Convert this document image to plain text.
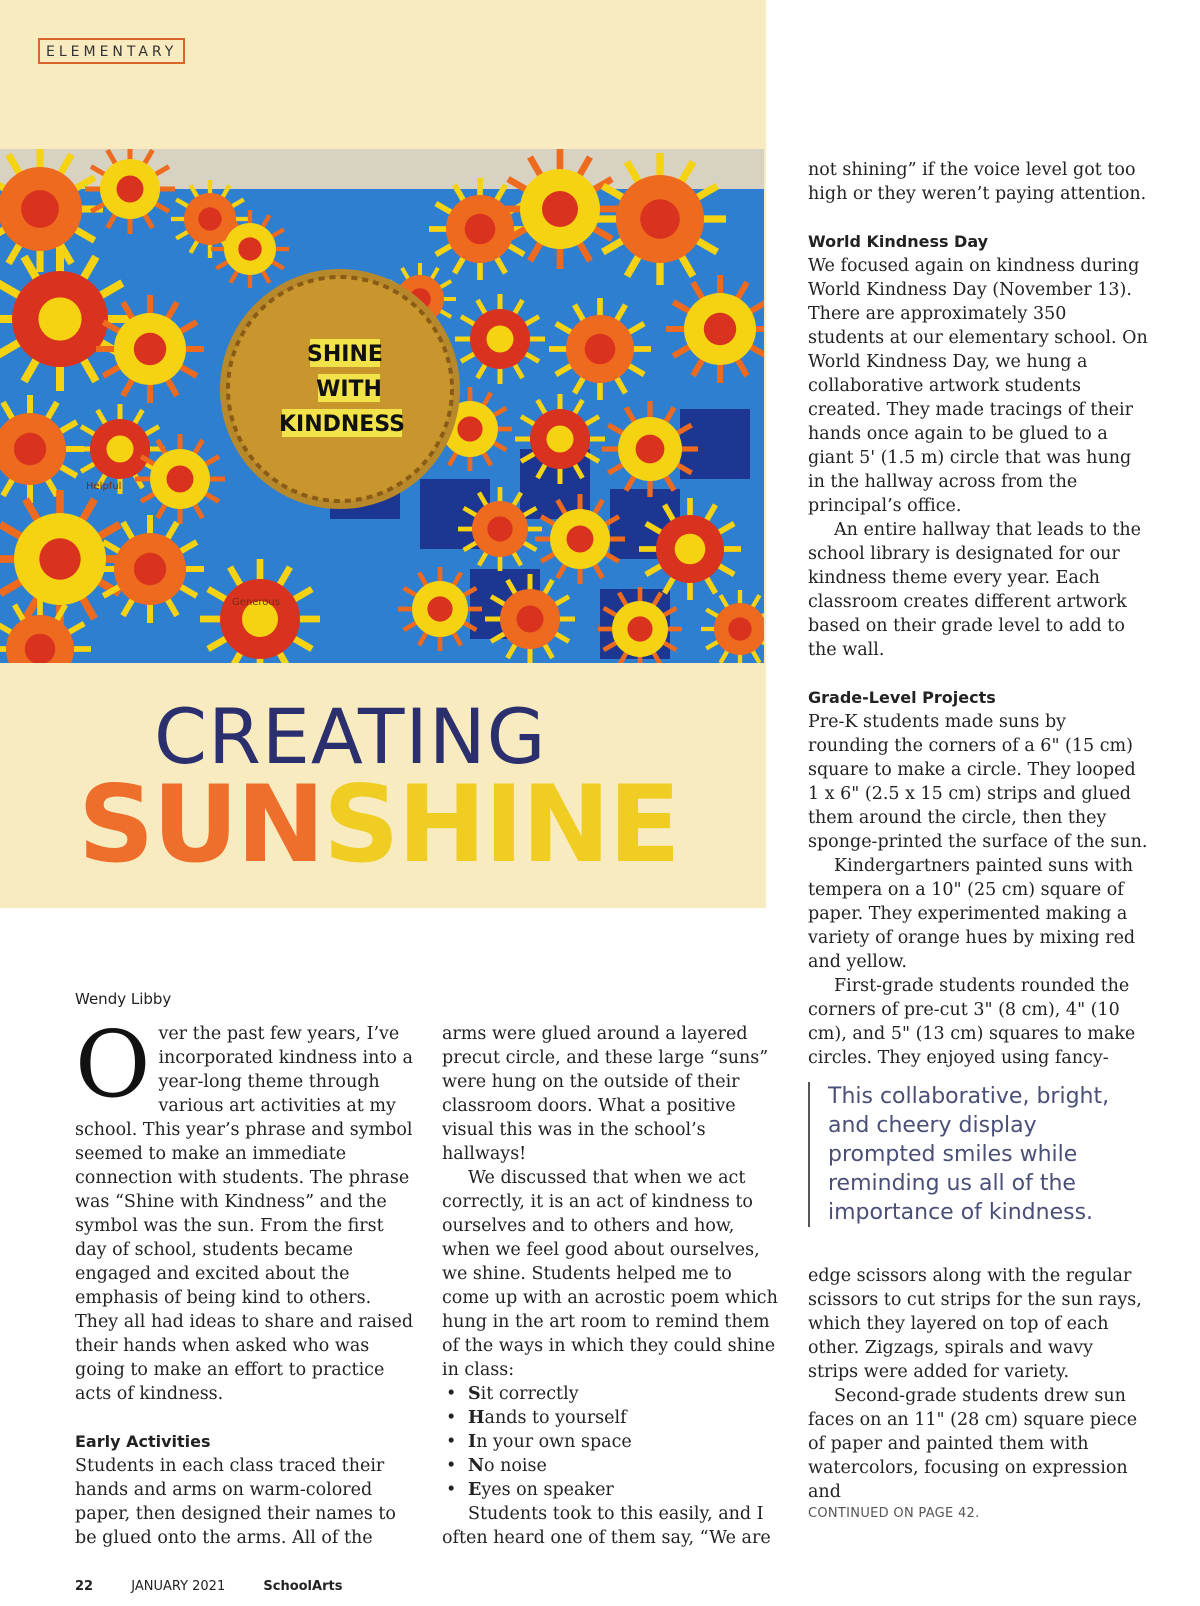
ELEMENTARY
SHINE
WITH
KINDNESS
Helpful
Generous
CREATING
SUNSHINE
Wendy Libby
O ver the past few years, I’ve incorporated kindness into a year-long theme through various art activities at my school. This year’s phrase and symbol seemed to make an immediate connection with students. The phrase was “Shine with Kindness” and the symbol was the sun. From the first day of school, students became engaged and excited about the emphasis of being kind to others. They all had ideas to share and raised their hands when asked who was going to make an effort to practice acts of kindness.

Early Activities

Students in each class traced their hands and arms on warm-colored paper, then designed their names to be glued onto the arms. All of the

arms were glued around a layered precut circle, and these large “suns” were hung on the outside of their classroom doors. What a positive visual this was in the school’s hallways!

We discussed that when we act correctly, it is an act of kindness to ourselves and to others and how, when we feel good about ourselves, we shine. Students helped me to come up with an acrostic poem which hung in the art room to remind them of the ways in which they could shine in class:

• Sit correctly
• Hands to yourself
• In your own space
• No noise
• Eyes on speaker

Students took to this easily, and I often heard one of them say, “We are

not shining” if the voice level got too high or they weren’t paying attention.

World Kindness Day

We focused again on kindness during World Kindness Day (November 13). There are approximately 350 students at our elementary school. On World Kindness Day, we hung a collaborative artwork students created. They made tracings of their hands once again to be glued to a giant 5' (1.5 m) circle that was hung in the hallway across from the principal’s office.

An entire hallway that leads to the school library is designated for our kindness theme every year. Each classroom creates different artwork based on their grade level to add to the wall.

Grade-Level Projects

Pre-K students made suns by rounding the corners of a 6" (15 cm) square to make a circle. They looped 1 x 6" (2.5 x 15 cm) strips and glued them around the circle, then they sponge-printed the surface of the sun.

Kindergartners painted suns with tempera on a 10" (25 cm) square of paper. They experimented making a variety of orange hues by mixing red and yellow.

First-grade students rounded the corners of pre-cut 3" (8 cm), 4" (10 cm), and 5" (13 cm) squares to make circles. They enjoyed using fancy-

This collaborative, bright, and cheery display prompted smiles while reminding us all of the importance of kindness.

edge scissors along with the regular scissors to cut strips for the sun rays, which they layered on top of each other. Zigzags, spirals and wavy strips were added for variety.

Second-grade students drew sun faces on an 11" (28 cm) square piece of paper and painted them with watercolors, focusing on expression and

CONTINUED ON PAGE 42.
22	JANUARY 2021	SchoolArts
